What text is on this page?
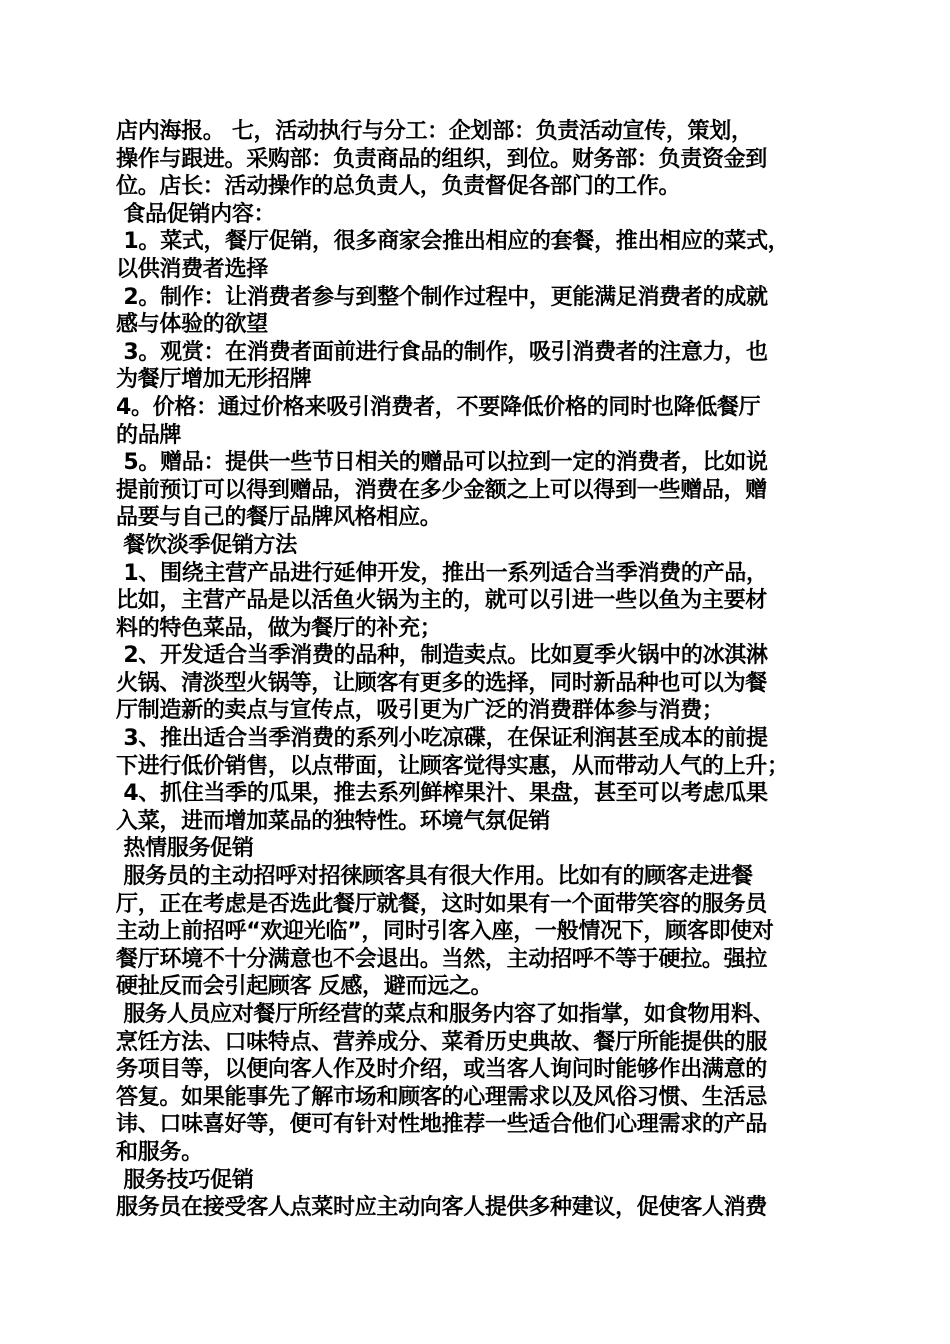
店内海报。 七，活动执行与分工：企划部：负责活动宣传，策划，
操作与跟进。采购部：负责商品的组织，到位。财务部：负责资金到
位。店长：活动操作的总负责人，负责督促各部门的工作。
食品促销内容：
1。菜式，餐厅促销，很多商家会推出相应的套餐，推出相应的菜式，
以供消费者选择
2。制作：让消费者参与到整个制作过程中，更能满足消费者的成就
感与体验的欲望
3。观赏：在消费者面前进行食品的制作，吸引消费者的注意力，也
为餐厅增加无形招牌
4。价格：通过价格来吸引消费者，不要降低价格的同时也降低餐厅
的品牌
5。赠品：提供一些节日相关的赠品可以拉到一定的消费者，比如说
提前预订可以得到赠品，消费在多少金额之上可以得到一些赠品，赠
品要与自己的餐厅品牌风格相应。
餐饮淡季促销方法
1、围绕主营产品进行延伸开发，推出一系列适合当季消费的产品，
比如，主营产品是以活鱼火锅为主的，就可以引进一些以鱼为主要材
料的特色菜品，做为餐厅的补充；
2、开发适合当季消费的品种，制造卖点。比如夏季火锅中的冰淇淋
火锅、清淡型火锅等，让顾客有更多的选择，同时新品种也可以为餐
厅制造新的卖点与宣传点，吸引更为广泛的消费群体参与消费；
3、推出适合当季消费的系列小吃凉碟，在保证利润甚至成本的前提
下进行低价销售，以点带面，让顾客觉得实惠，从而带动人气的上升；
4、抓住当季的瓜果，推去系列鲜榨果汁、果盘，甚至可以考虑瓜果
入菜，进而增加菜品的独特性。环境气氛促销
热情服务促销
服务员的主动招呼对招徕顾客具有很大作用。比如有的顾客走进餐
厅，正在考虑是否选此餐厅就餐，这时如果有一个面带笑容的服务员
主动上前招呼“欢迎光临”，同时引客入座，一般情况下，顾客即使对
餐厅环境不十分满意也不会退出。当然，主动招呼不等于硬拉。强拉
硬扯反而会引起顾客 反感，避而远之。
服务人员应对餐厅所经营的菜点和服务内容了如指掌，如食物用料、
烹饪方法、口味特点、营养成分、菜肴历史典故、餐厅所能提供的服
务项目等，以便向客人作及时介绍，或当客人询问时能够作出满意的
答复。如果能事先了解市场和顾客的心理需求以及风俗习惯、生活忌
讳、口味喜好等，便可有针对性地推荐一些适合他们心理需求的产品
和服务。
服务技巧促销
服务员在接受客人点菜时应主动向客人提供多种建议，促使客人消费
